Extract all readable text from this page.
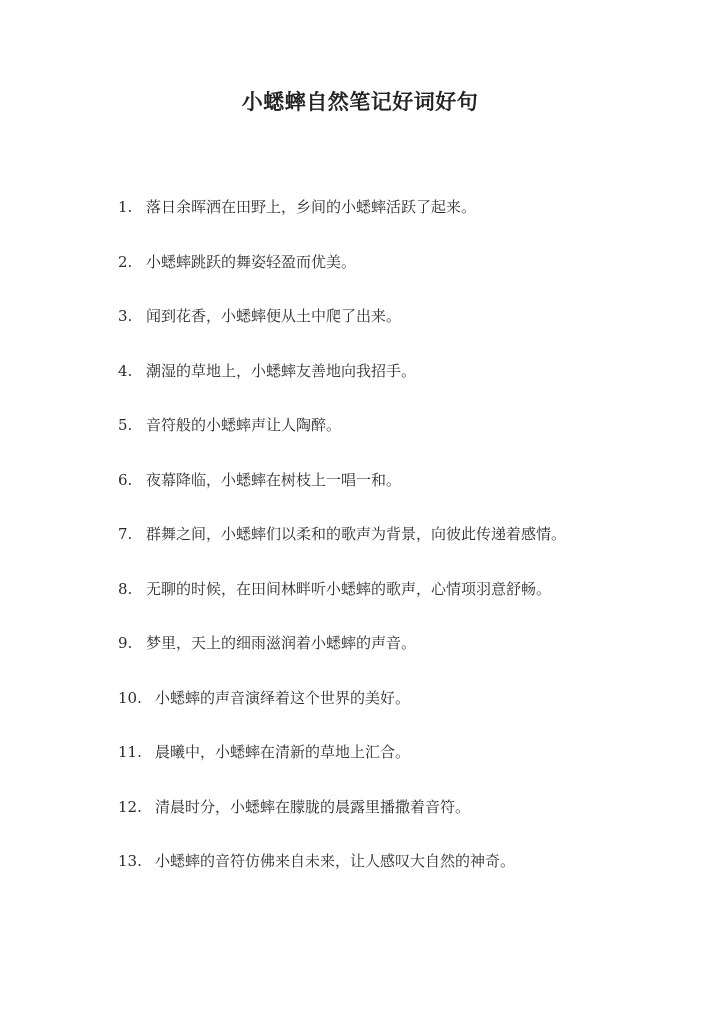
小蟋蟀自然笔记好词好句
1. 落日余晖洒在田野上，乡间的小蟋蟀活跃了起来。
2. 小蟋蟀跳跃的舞姿轻盈而优美。
3. 闻到花香，小蟋蟀便从土中爬了出来。
4. 潮湿的草地上，小蟋蟀友善地向我招手。
5. 音符般的小蟋蟀声让人陶醉。
6. 夜幕降临，小蟋蟀在树枝上一唱一和。
7. 群舞之间，小蟋蟀们以柔和的歌声为背景，向彼此传递着感情。
8. 无聊的时候，在田间林畔听小蟋蟀的歌声，心情项羽意舒畅。
9. 梦里，天上的细雨滋润着小蟋蟀的声音。
10. 小蟋蟀的声音演绎着这个世界的美好。
11. 晨曦中，小蟋蟀在清新的草地上汇合。
12. 清晨时分，小蟋蟀在朦胧的晨露里播撒着音符。
13. 小蟋蟀的音符仿佛来自未来，让人感叹大自然的神奇。
